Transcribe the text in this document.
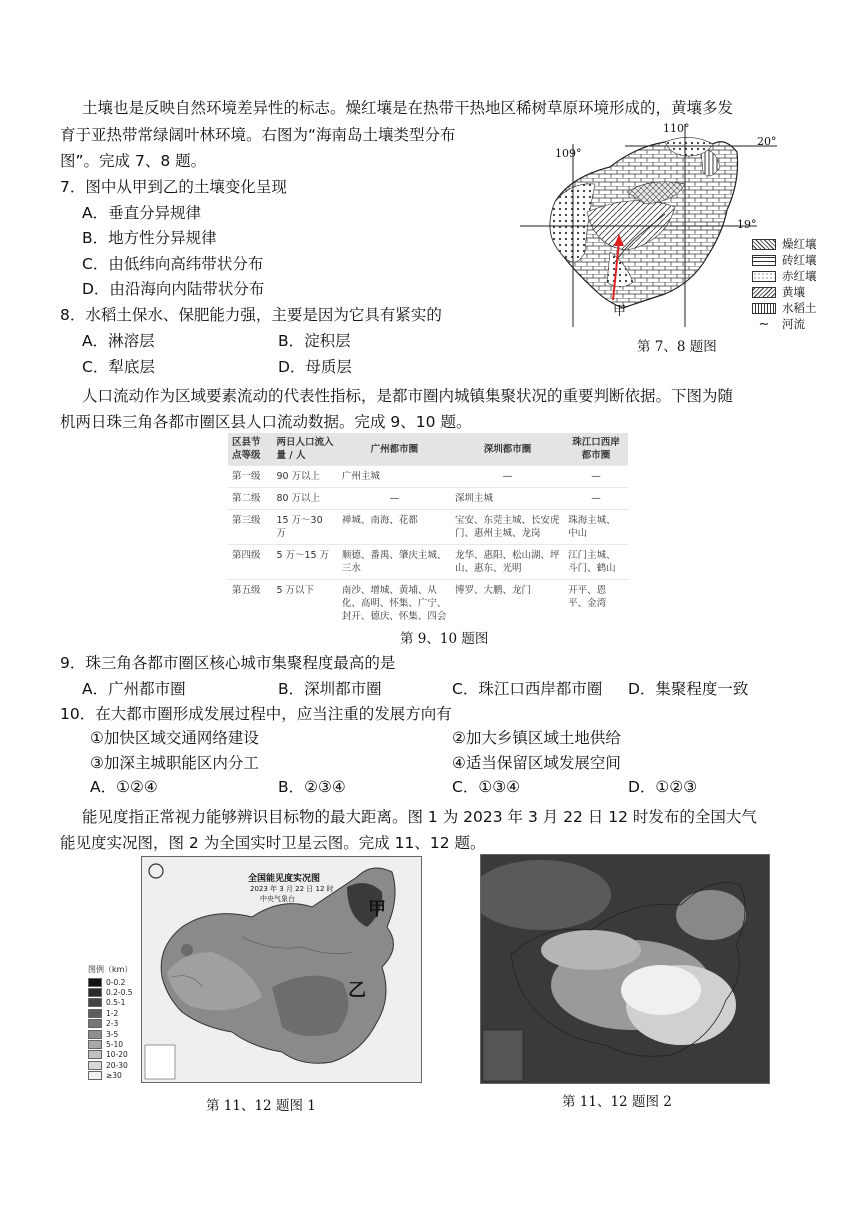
土壤也是反映自然环境差异性的标志。燥红壤是在热带干热地区稀树草原环境形成的，黄壤多发
育于亚热带常绿阔叶林环境。右图为“海南岛土壤类型分布
图”。完成 7、8 题。
7．图中从甲到乙的土壤变化呈现
A．垂直分异规律
B．地方性分异规律
C．由低纬向高纬带状分布
D．由沿海向内陆带状分布
8．水稻土保水、保肥能力强，主要是因为它具有紧实的
A．淋溶层	B．淀积层
C．犁底层	D．母质层
110°
109°
20°
19°
甲
燥红壤
砖红壤
赤红壤
黄壤
水稻土
∼	河流
第 7、8 题图
人口流动作为区域要素流动的代表性指标，是都市圈内城镇集聚状况的重要判断依据。下图为随
机两日珠三角各都市圈区县人口流动数据。完成 9、10 题。
区县节点等级	两日人口流入量 / 人	广州都市圈	深圳都市圈	珠江口西岸都市圈
第一级	90 万以上	广州主城	—	—
第二级	80 万以上	—	深圳主城	—
第三级	15 万～30 万	禅城、南海、花都	宝安、东莞主城、长安虎门、惠州主城、龙岗	珠海主城、中山
第四级	5 万～15 万	顺德、番禺、肇庆主城、三水	龙华、惠阳、松山湖、坪山、惠东、光明	江门主城、斗门、鹤山
第五级	5 万以下	南沙、增城、黄埔、从化、高明、怀集、广宁、封开、德庆、怀集、四会	博罗、大鹏、龙门	开平、恩平、金湾
第 9、10 题图
9．珠三角各都市圈区核心城市集聚程度最高的是
A．广州都市圈	B．深圳都市圈	C．珠江口西岸都市圈 D．集聚程度一致
10．在大都市圈形成发展过程中，应当注重的发展方向有
①加快区域交通网络建设	②加大乡镇区域土地供给
③加深主城职能区内分工	④适当保留区域发展空间
A．①②④	B．②③④	C．①③④	D．①②③
能见度指正常视力能够辨识目标物的最大距离。图 1 为 2023 年 3 月 22 日 12 时发布的全国大气
能见度实况图，图 2 为全国实时卫星云图。完成 11、12 题。
全国能见度实况图
2023 年 3 月 22 日 12 时
中央气象台	甲
乙
图例（km）
0-0.2
0.2-0.5
0.5-1
1-2
2-3
3-5
5-10
10-20
20-30
≥30
第 11、12 题图 1	第 11、12 题图 2
